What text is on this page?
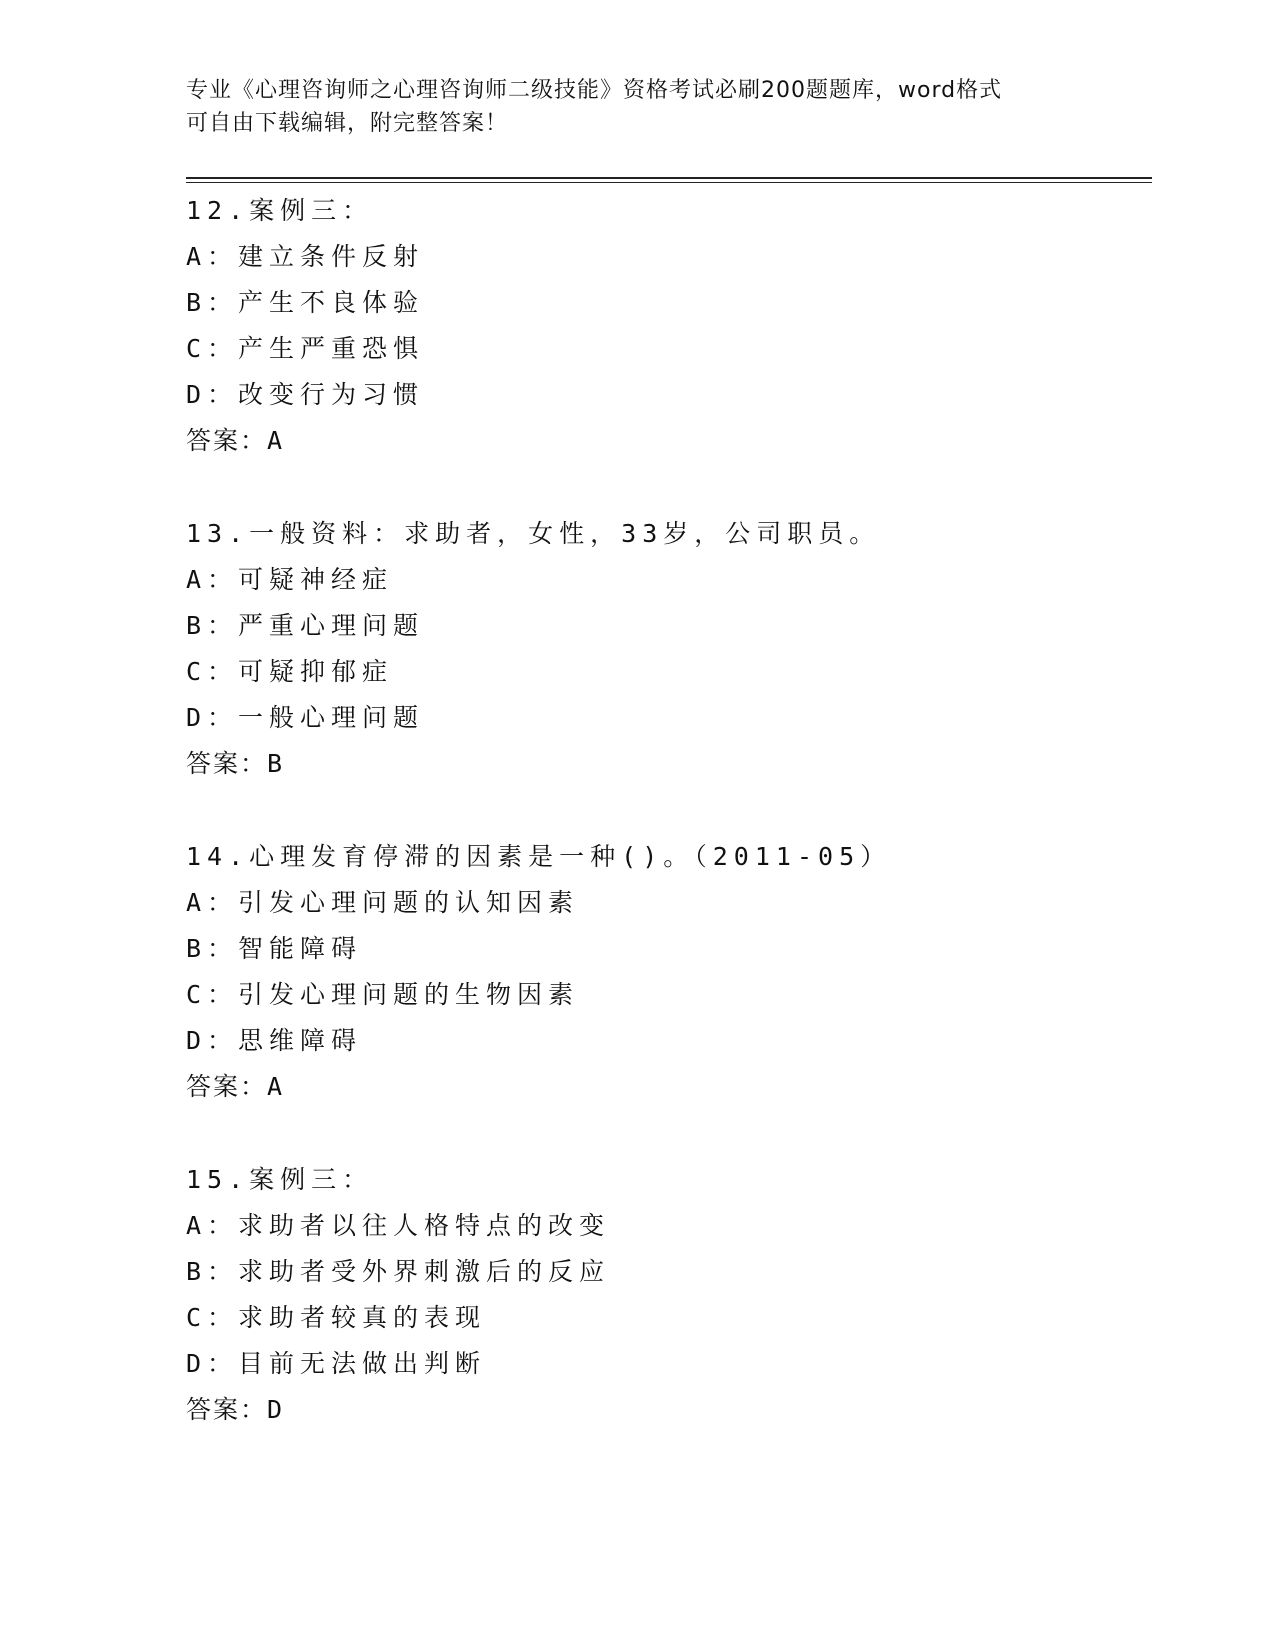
专业《心理咨询师之心理咨询师二级技能》资格考试必刷200题题库，word格式
可自由下载编辑，附完整答案！
12.案例三：
A：建立条件反射
B：产生不良体验
C：产生严重恐惧
D：改变行为习惯
答案：A
13.一般资料：求助者，女性，33岁，公司职员。
A：可疑神经症
B：严重心理问题
C：可疑抑郁症
D：一般心理问题
答案：B
14.心理发育停滞的因素是一种()。（2011-05）
A：引发心理问题的认知因素
B：智能障碍
C：引发心理问题的生物因素
D：思维障碍
答案：A
15.案例三：
A：求助者以往人格特点的改变
B：求助者受外界刺激后的反应
C：求助者较真的表现
D：目前无法做出判断
答案：D
